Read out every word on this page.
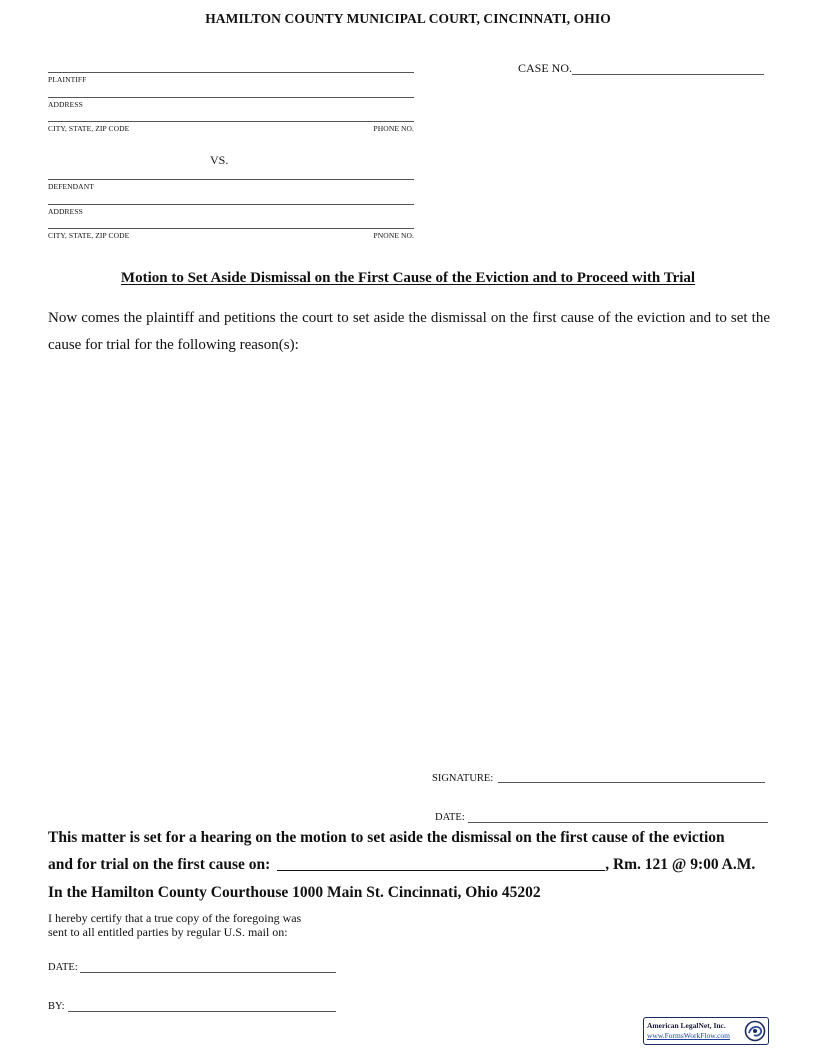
HAMILTON COUNTY MUNICIPAL COURT, CINCINNATI, OHIO
PLAINTIFF
ADDRESS
CITY, STATE, ZIP CODE	PHONE NO.
CASE NO.
VS.
DEFENDANT
ADDRESS
CITY, STATE, ZIP CODE	PNONE NO.
Motion to Set Aside Dismissal on the First Cause of the Eviction and to Proceed with Trial
Now comes the plaintiff and petitions the court to set aside the dismissal on the first cause of the eviction and to set the cause for trial for the following reason(s):
SIGNATURE:
DATE:
This matter is set for a hearing on the motion to set aside the dismissal on the first cause of the eviction
and for trial on the first cause on:	, Rm. 121 @ 9:00 A.M.
In the Hamilton County Courthouse 1000 Main St. Cincinnati, Ohio 45202
I hereby certify that a true copy of the foregoing was
sent to all entitled parties by regular U.S. mail on:
DATE:
BY:
American LegalNet, Inc.
www.FormsWorkFlow.com
